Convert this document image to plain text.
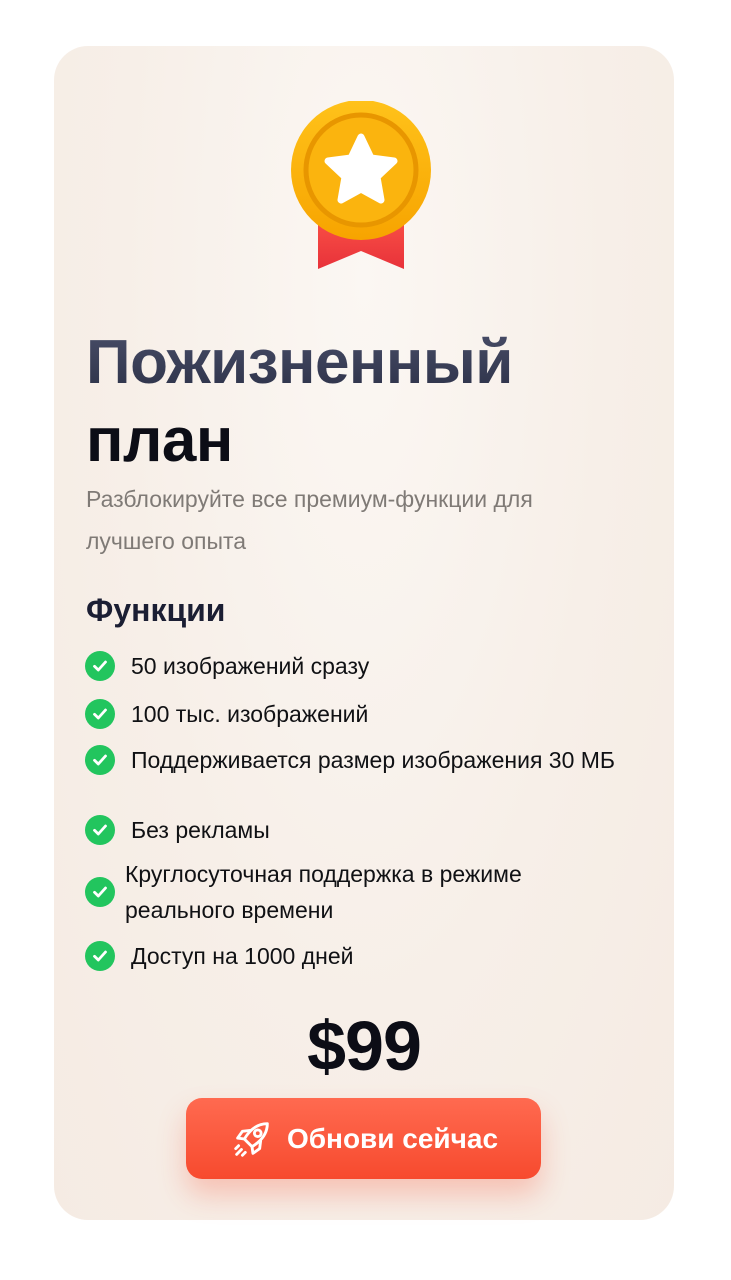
Пожизненный
план
Разблокируйте все премиум-функции для лучшего опыта
Функции
50 изображений сразу
100 тыс. изображений
Поддерживается размер изображения 30 МБ
Без рекламы
Круглосуточная поддержка в режиме реального времени
Доступ на 1000 дней
$99
Обнови сейчас
